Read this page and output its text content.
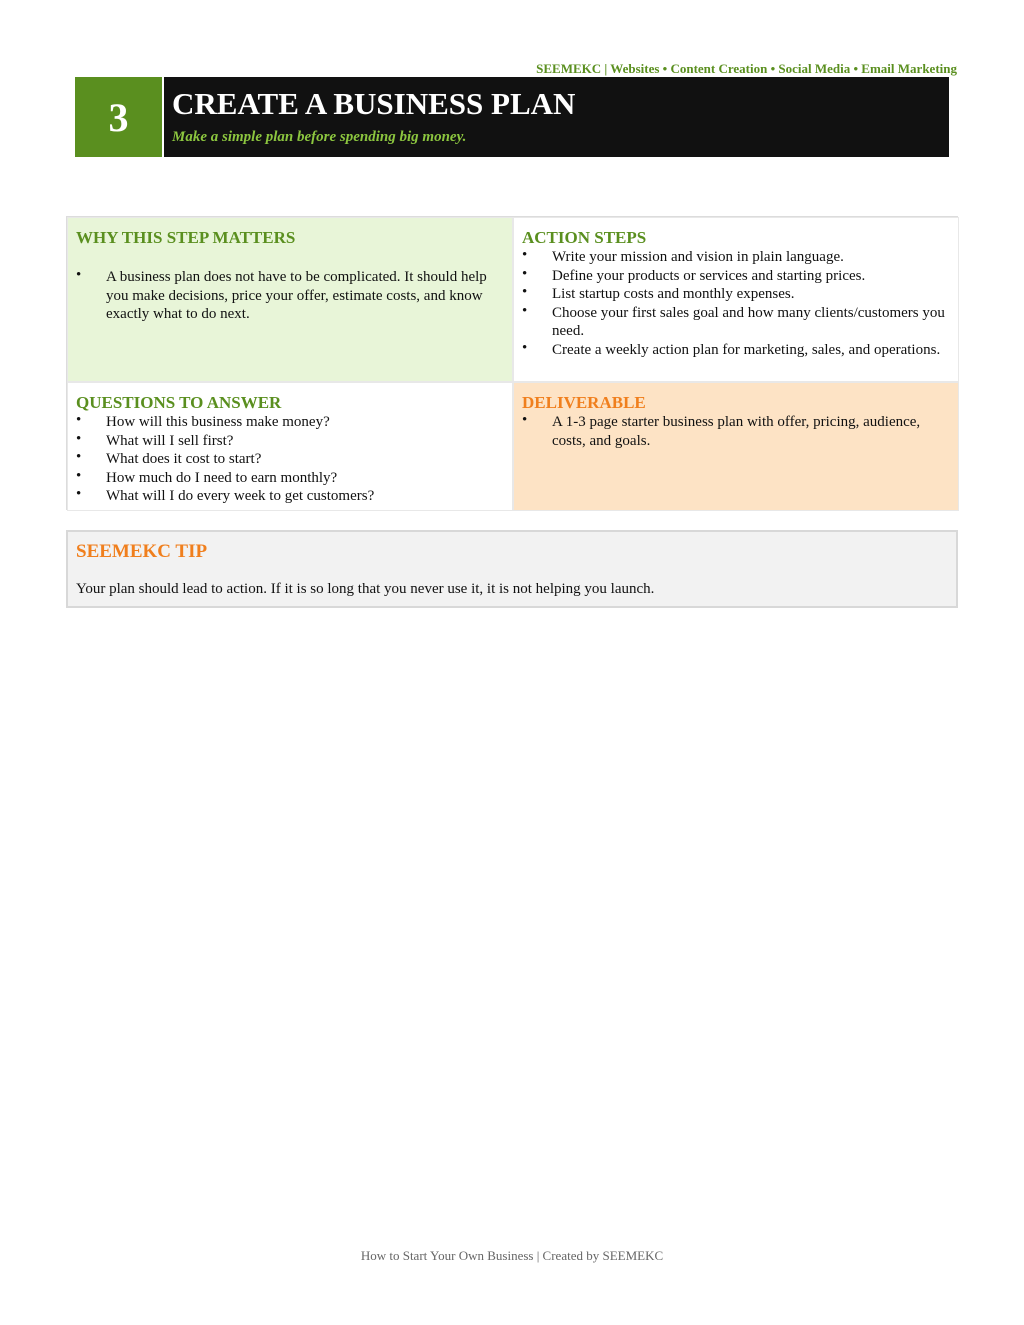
SEEMEKC | Websites • Content Creation • Social Media • Email Marketing
3	CREATE A BUSINESS PLAN
Make a simple plan before spending big money.
WHY THIS STEP MATTERS
• A business plan does not have to be complicated. It should help you make decisions, price your offer, estimate costs, and know exactly what to do next.
ACTION STEPS
• Write your mission and vision in plain language.
• Define your products or services and starting prices.
• List startup costs and monthly expenses.
• Choose your first sales goal and how many clients/customers you need.
• Create a weekly action plan for marketing, sales, and operations.
QUESTIONS TO ANSWER
• How will this business make money?
• What will I sell first?
• What does it cost to start?
• How much do I need to earn monthly?
• What will I do every week to get customers?
DELIVERABLE
• A 1-3 page starter business plan with offer, pricing, audience, costs, and goals.
SEEMEKC TIP
Your plan should lead to action. If it is so long that you never use it, it is not helping you launch.
How to Start Your Own Business | Created by SEEMEKC
